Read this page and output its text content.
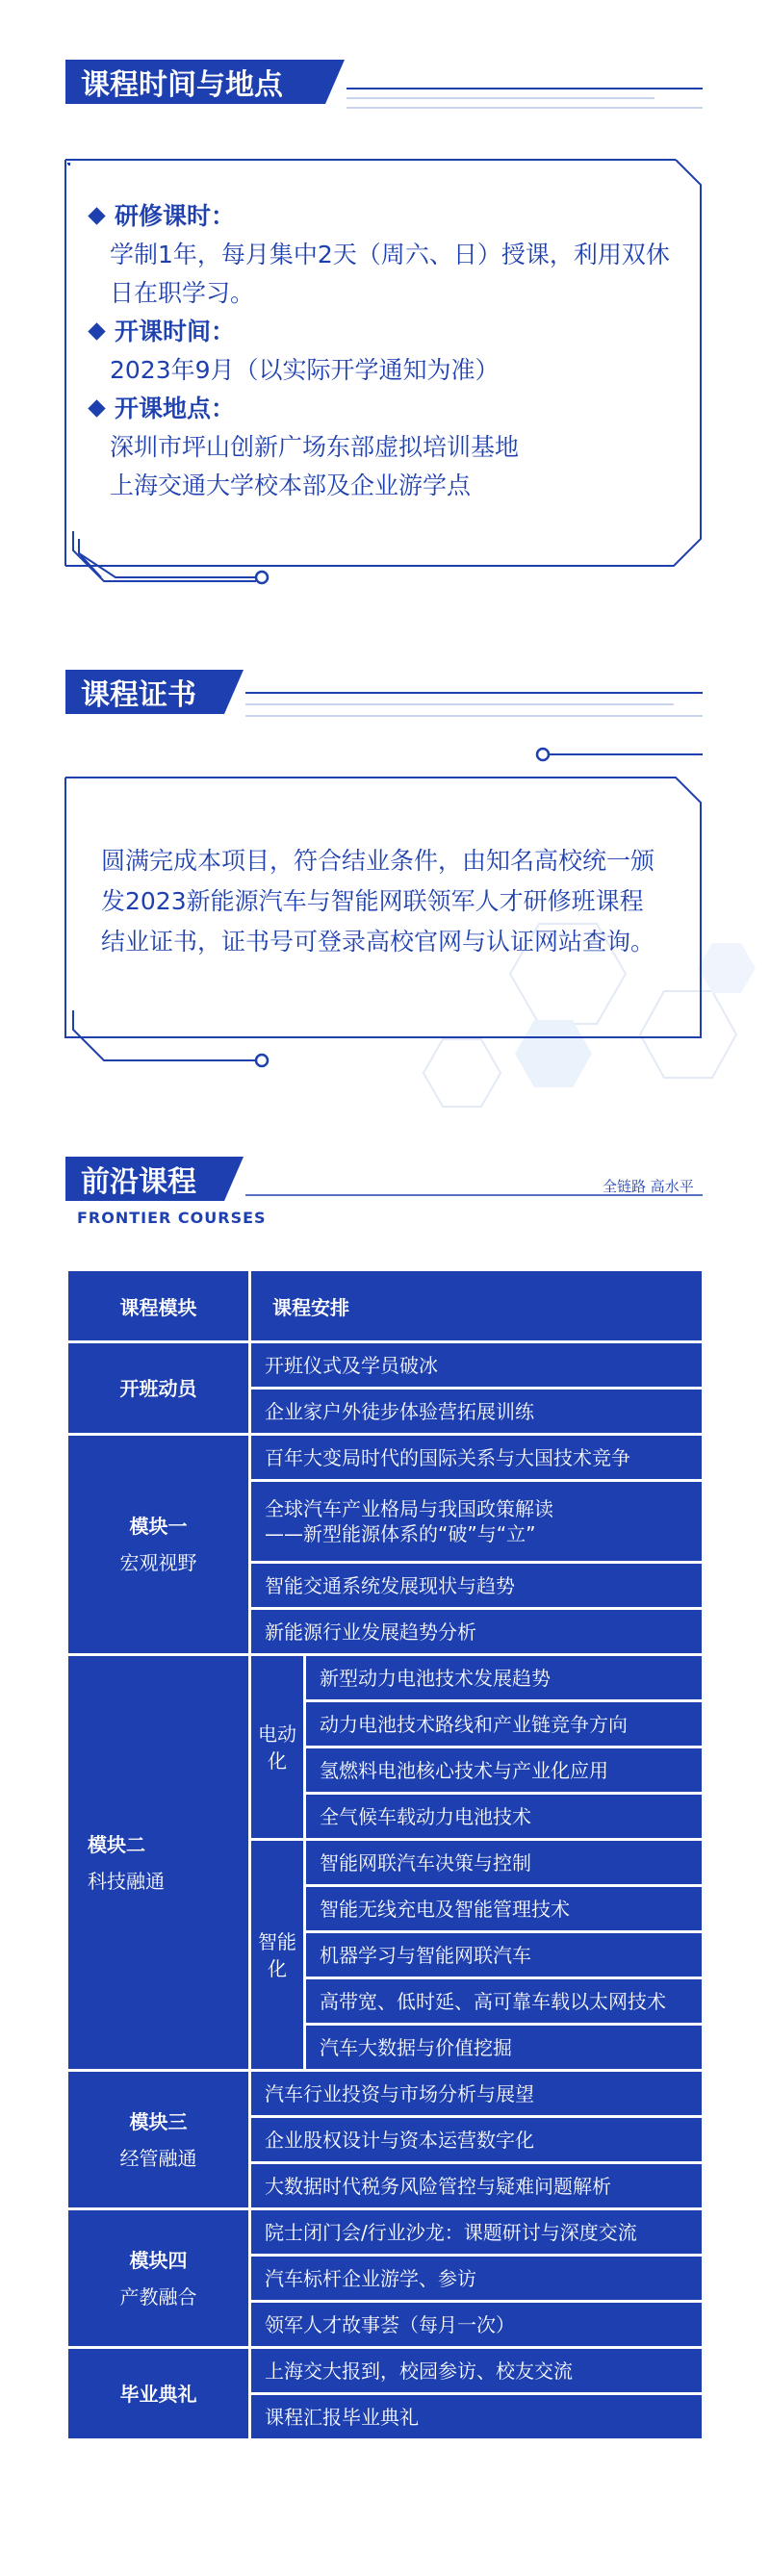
课程时间与地点
研修课时：
学制1年，每月集中2天（周六、日）授课，利用双休
日在职学习。
开课时间：
2023年9月（以实际开学通知为准）
开课地点：
深圳市坪山创新广场东部虚拟培训基地
上海交通大学校本部及企业游学点
课程证书
圆满完成本项目，符合结业条件，由知名高校统一颁
发2023新能源汽车与智能网联领军人才研修班课程
结业证书，证书号可登录高校官网与认证网站查询。
前沿课程
FRONTIER COURSES
全链路 高水平
课程模块	课程安排	
开班动员	开班仪式及学员破冰	
	企业家户外徒步体验营拓展训练	

模块一
宏观视野	百年大变局时代的国际关系与大国技术竞争	

	全球汽车产业格局与我国政策解读
——新型能源体系的“破”与“立”	

	智能交通系统发展现状与趋势	
	新能源行业发展趋势分析	

模块二
科技融通	电动化	新型动力电池技术发展趋势
		动力电池技术路线和产业链竞争方向
		氢燃料电池核心技术与产业化应用
		全气候车载动力电池技术
	智能化	智能网联汽车决策与控制
		智能无线充电及智能管理技术
		机器学习与智能网联汽车
		高带宽、低时延、高可靠车载以太网技术
		汽车大数据与价值挖掘

模块三
经管融通	汽车行业投资与市场分析与展望	
	企业股权设计与资本运营数字化	
	大数据时代税务风险管控与疑难问题解析	

模块四
产教融合	院士闭门会/行业沙龙：课题研讨与深度交流	
	汽车标杆企业游学、参访	
	领军人才故事荟（每月一次）	
毕业典礼	上海交大报到，校园参访、校友交流	
	课程汇报毕业典礼	
